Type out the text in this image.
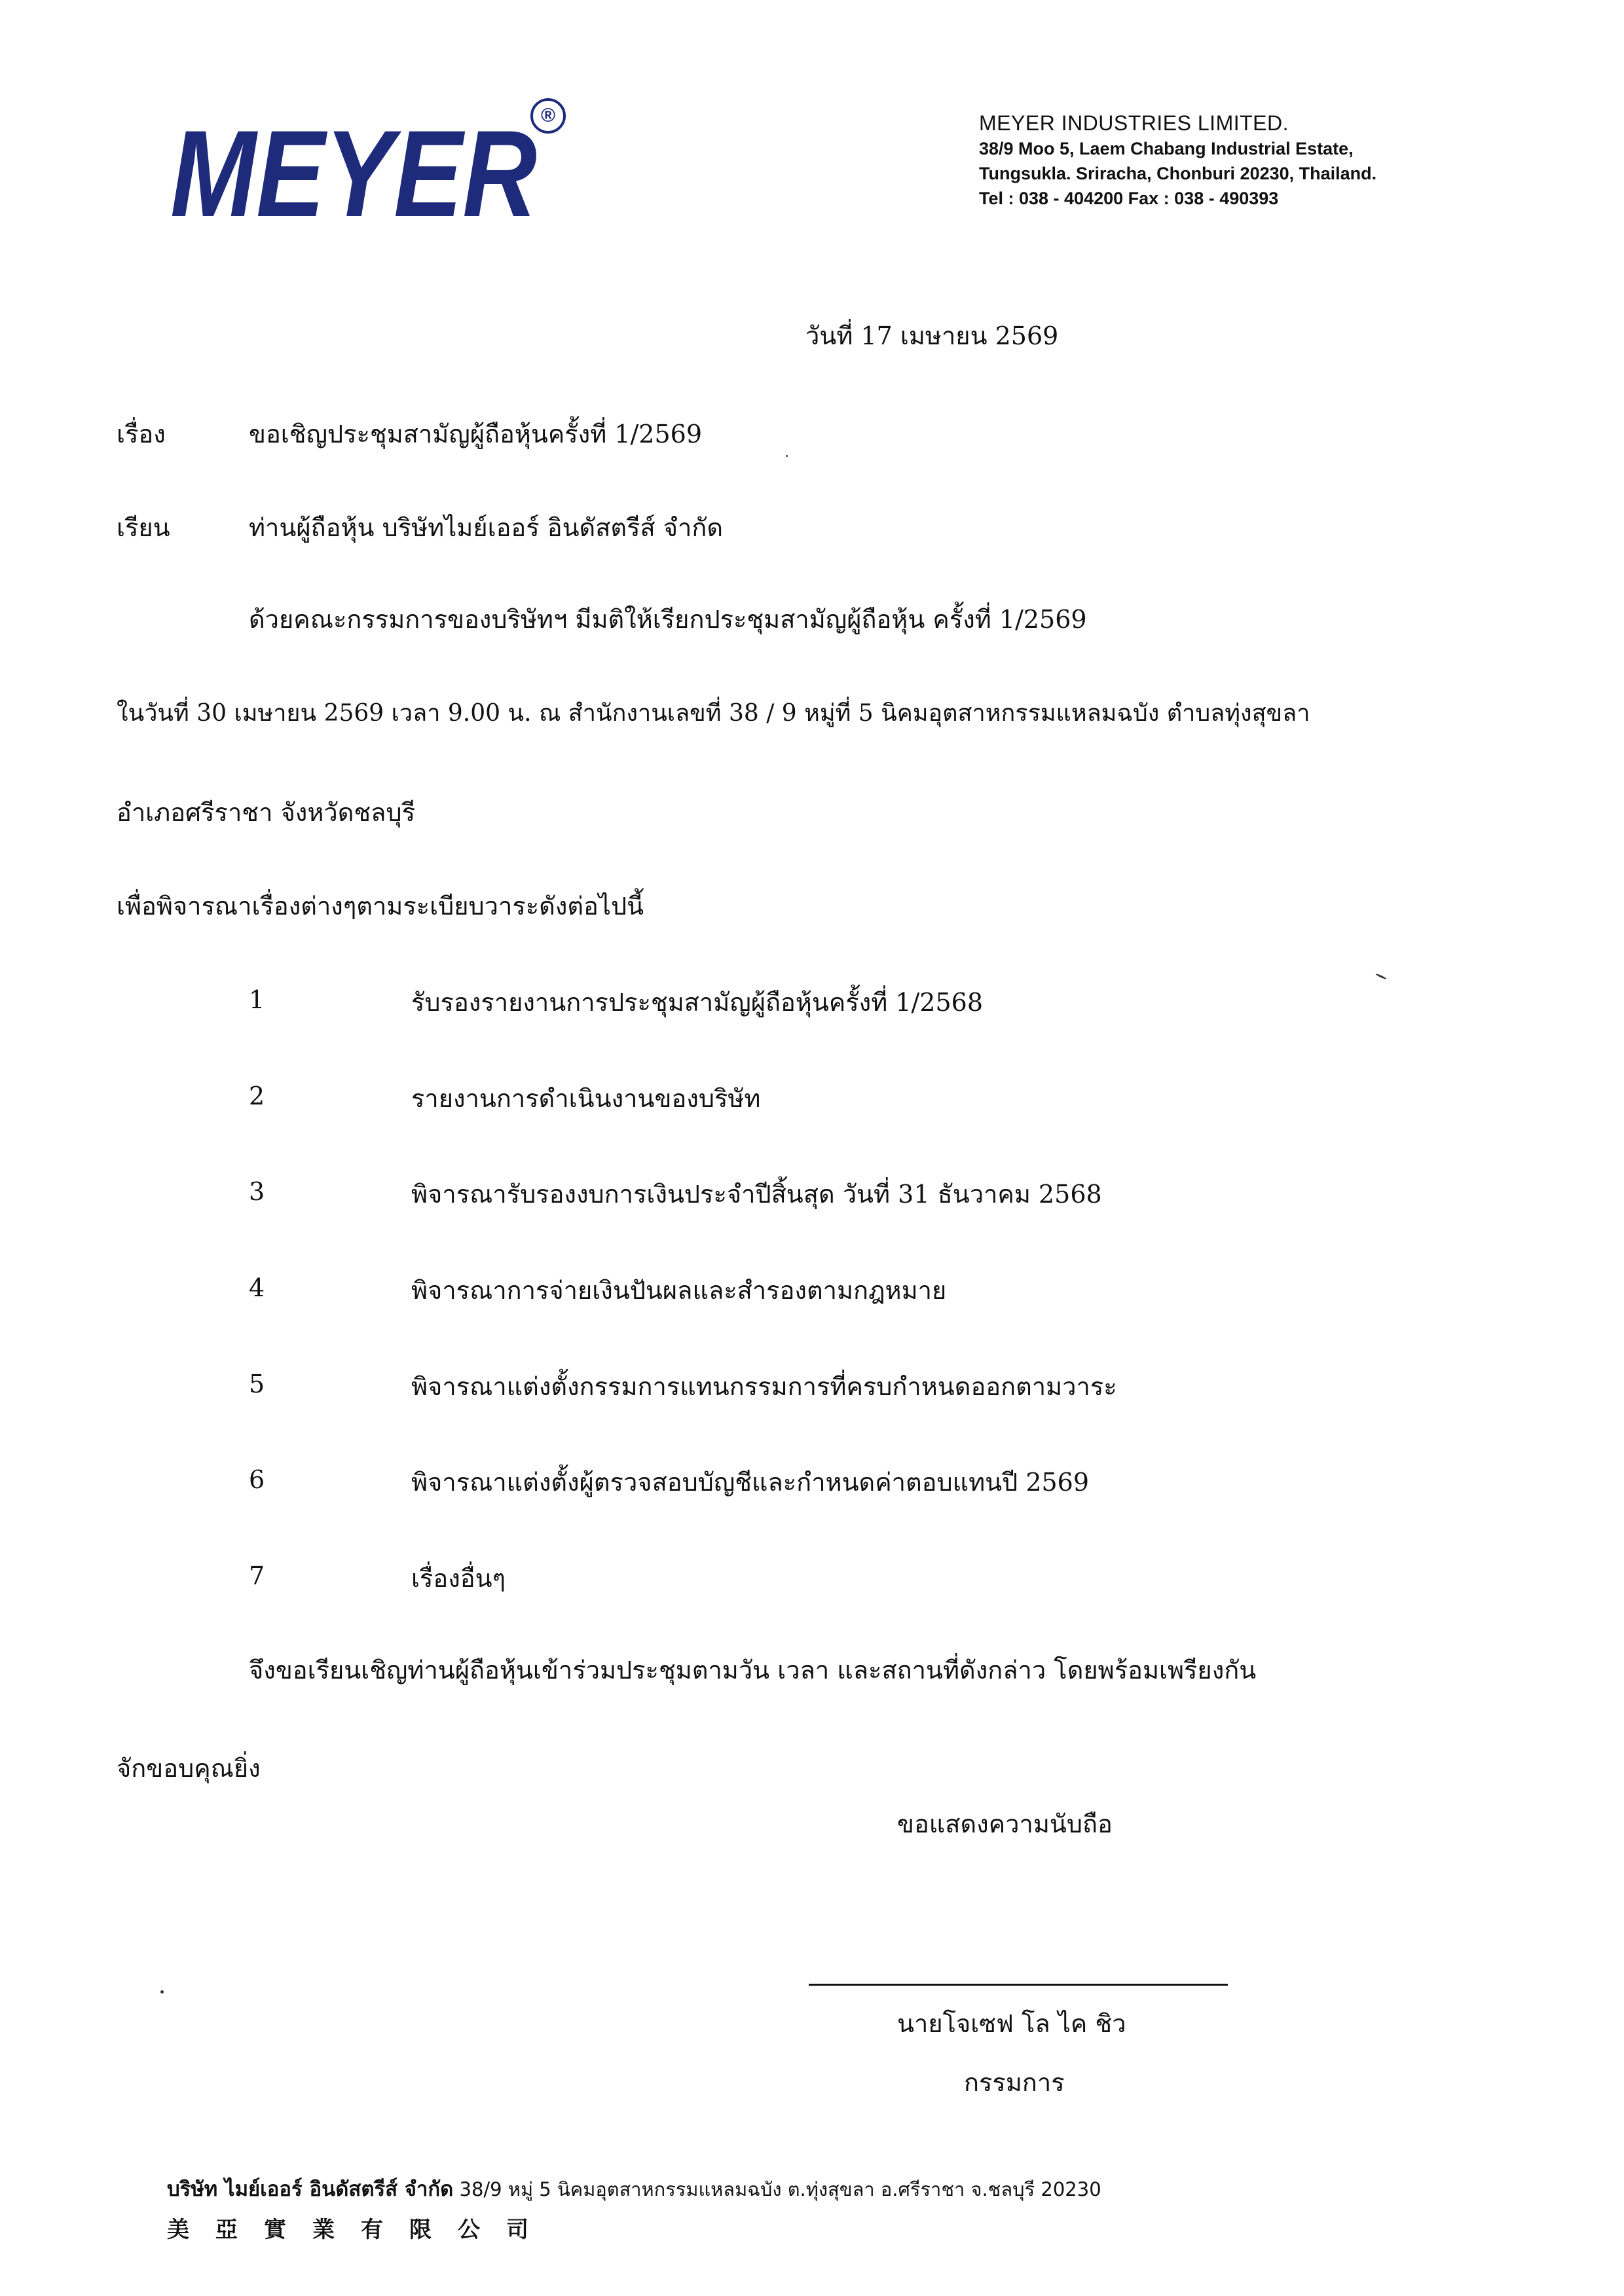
MEYER ®	MEYER INDUSTRIES LIMITED.
38/9 Moo 5, Laem Chabang Industrial Estate,
Tungsukla. Sriracha, Chonburi 20230, Thailand.
Tel : 038 - 404200 Fax : 038 - 490393
วันที่ 17 เมษายน 2569
เรื่อง	ขอเชิญประชุมสามัญผู้ถือหุ้นครั้งที่ 1/2569
เรียน	ท่านผู้ถือหุ้น บริษัทไมย์เออร์ อินดัสตรีส์ จำกัด
ด้วยคณะกรรมการของบริษัทฯ มีมติให้เรียกประชุมสามัญผู้ถือหุ้น ครั้งที่ 1/2569
ในวันที่ 30 เมษายน 2569 เวลา 9.00 น. ณ สำนักงานเลขที่ 38 / 9 หมู่ที่ 5 นิคมอุตสาหกรรมแหลมฉบัง ตำบลทุ่งสุขลา
อำเภอศรีราชา จังหวัดชลบุรี
เพื่อพิจารณาเรื่องต่างๆตามระเบียบวาระดังต่อไปนี้
1	รับรองรายงานการประชุมสามัญผู้ถือหุ้นครั้งที่ 1/2568
2	รายงานการดำเนินงานของบริษัท
3	พิจารณารับรองงบการเงินประจำปีสิ้นสุด วันที่ 31 ธันวาคม 2568
4	พิจารณาการจ่ายเงินปันผลและสำรองตามกฎหมาย
5	พิจารณาแต่งตั้งกรรมการแทนกรรมการที่ครบกำหนดออกตามวาระ
6	พิจารณาแต่งตั้งผู้ตรวจสอบบัญชีและกำหนดค่าตอบแทนปี 2569
7	เรื่องอื่นๆ
จึงขอเรียนเชิญท่านผู้ถือหุ้นเข้าร่วมประชุมตามวัน เวลา และสถานที่ดังกล่าว โดยพร้อมเพรียงกัน
จักขอบคุณยิ่ง
ขอแสดงความนับถือ
นายโจเซฟ โล ไค ชิว
กรรมการ
บริษัท ไมย์เออร์ อินดัสตรีส์ จำกัด 38/9 หมู่ 5 นิคมอุตสาหกรรมแหลมฉบัง ต.ทุ่งสุขลา อ.ศรีราชา จ.ชลบุรี 20230
美亞實業有限公司
